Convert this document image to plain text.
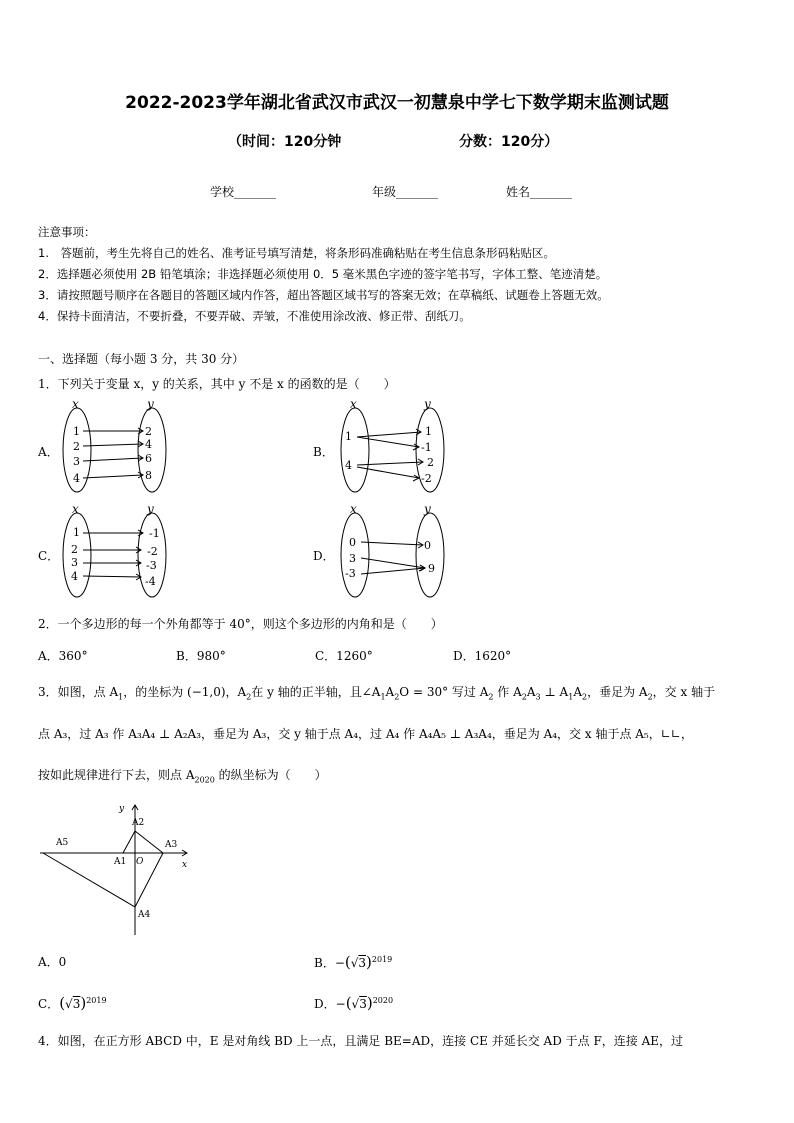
2022-2023学年湖北省武汉市武汉一初慧泉中学七下数学期末监测试题
（时间：120分钟	分数：120分）
学校_______	年级_______	姓名_______
注意事项：
1.　答题前，考生先将自己的姓名、准考证号填写清楚，将条形码准确粘贴在考生信息条形码粘贴区。
2．选择题必须使用 2B 铅笔填涂；非选择题必须使用 0．5 毫米黑色字迹的签字笔书写，字体工整、笔迹清楚。
3．请按照题号顺序在各题目的答题区域内作答，超出答题区域书写的答案无效；在草稿纸、试题卷上答题无效。
4．保持卡面清洁，不要折叠，不要弄破、弄皱，不准使用涂改液、修正带、刮纸刀。
一、选择题（每小题 3 分，共 30 分）
1．下列关于变量 x，y 的关系，其中 y 不是 x 的函数的是（　　）
A．
x	y
1
2
3
4
2
4
6
8
B．
x	y
1
4
1
-1
2
-2
C．
x	y
1
2
3
4
-1
-2
-3
-4
D．
x	y
0
3
-3
0
9
2．一个多边形的每一个外角都等于 40°，则这个多边形的内角和是（　　）
A．360°	B．980°	C．1260°	D．1620°
3．如图，点 $A_1$，的坐标为 (−1,0)，$A_2$在 y 轴的正半轴，且$\angle A_1A_2O = 30^\circ$ 写过 $A_2$ 作 $A_2A_3$ ⊥ $A_1A_2$，垂足为 $A_2$，交 x 轴于
点 A₃，过 A₃ 作 A₃A₄ ⊥ A₂A₃，垂足为 A₃，交 y 轴于点 A₄，过 A₄ 作 A₄A₅ ⊥ A₃A₄，垂足为 A₄，交 x 轴于点 A₅，∟∟，
按如此规律进行下去，则点 $A_{2020}$ 的纵坐标为（　　）
y
x
A5
A2
A3
A1 O
A4
A．0	B．$-(√3)^{2019}$
C．$(√3)^{2019}$	D．$-(√3)^{2020}$
4．如图，在正方形 ABCD 中，E 是对角线 BD 上一点，且满足 BE=AD，连接 CE 并延长交 AD 于点 F，连接 AE，过
